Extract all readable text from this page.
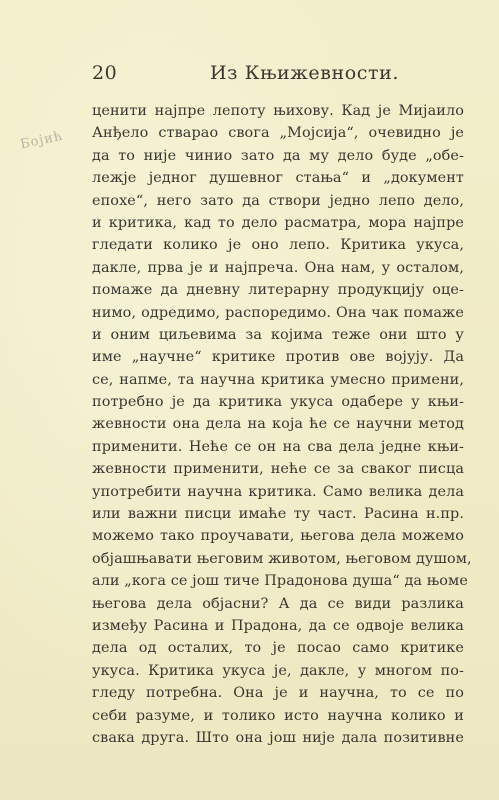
Бојић
20	Из Књижевности.
ценити најпре лепоту њихову. Кад је Мијаило
Анђело стварао свога „Мојсија“, очевидно је
да то није чинио зато да му дело буде „обе-
лежје једног душевног стања“ и „документ
епохе“, него зато да створи једно лепо дело,
и критика, кад то дело расматра, мора најпре
гледати колико је оно лепо. Критика укуса,
дакле, прва је и најпреча. Она нам, у осталом,
помаже да дневну литерарну продукцију оце-
нимо, одредимо, распоредимо. Она чак помаже
и оним циљевима за којима теже они што у
име „научне“ критике против ове војују. Да
се, напме, та научна критика умесно примени,
потребно је да критика укуса одабере у књи-
жевности она дела на која ће се научни метод
применити. Неће се он на сва дела једне књи-
жевности применити, неће се за сваког писца
употребити научна критика. Само велика дела
или важни писци имаће ту част. Расина н.пр.
можемо тако проучавати, његова дела можемо
објашњавати његовим животом, његовом душом,
али „кога се још тиче Прадонова душа“ да њоме
његова дела објасни? А да се види разлика
између Расина и Прадона, да се одвоје велика
дела од осталих, то је посао само критике
укуса. Критика укуса је, дакле, у многом по-
гледу потребна. Она је и научна, то се по
себи разуме, и толико исто научна колико и
свака друга. Што она још није дала позитивне
